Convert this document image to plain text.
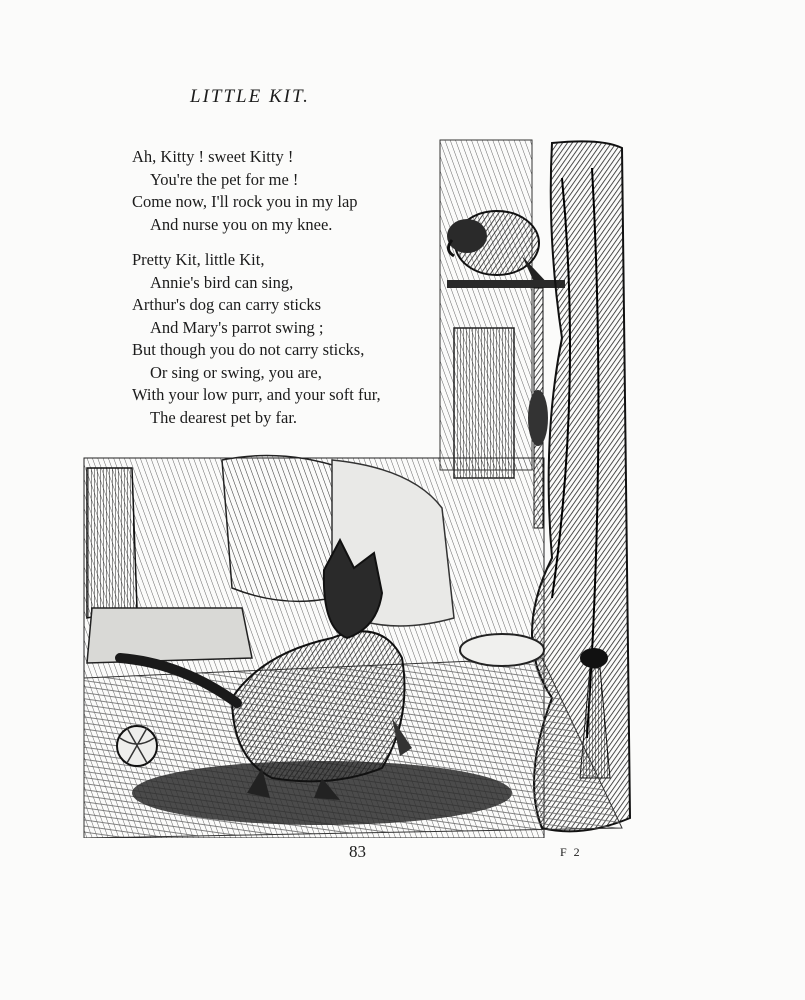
LITTLE KIT.
Ah, Kitty ! sweet Kitty !
You're the pet for me !
Come now, I'll rock you in my lap
And nurse you on my knee.
Pretty Kit, little Kit,
Annie's bird can sing,
Arthur's dog can carry sticks
And Mary's parrot swing ;
But though you do not carry sticks,
Or sing or swing, you are,
With your low purr, and your soft fur,
The dearest pet by far.
83	F 2
